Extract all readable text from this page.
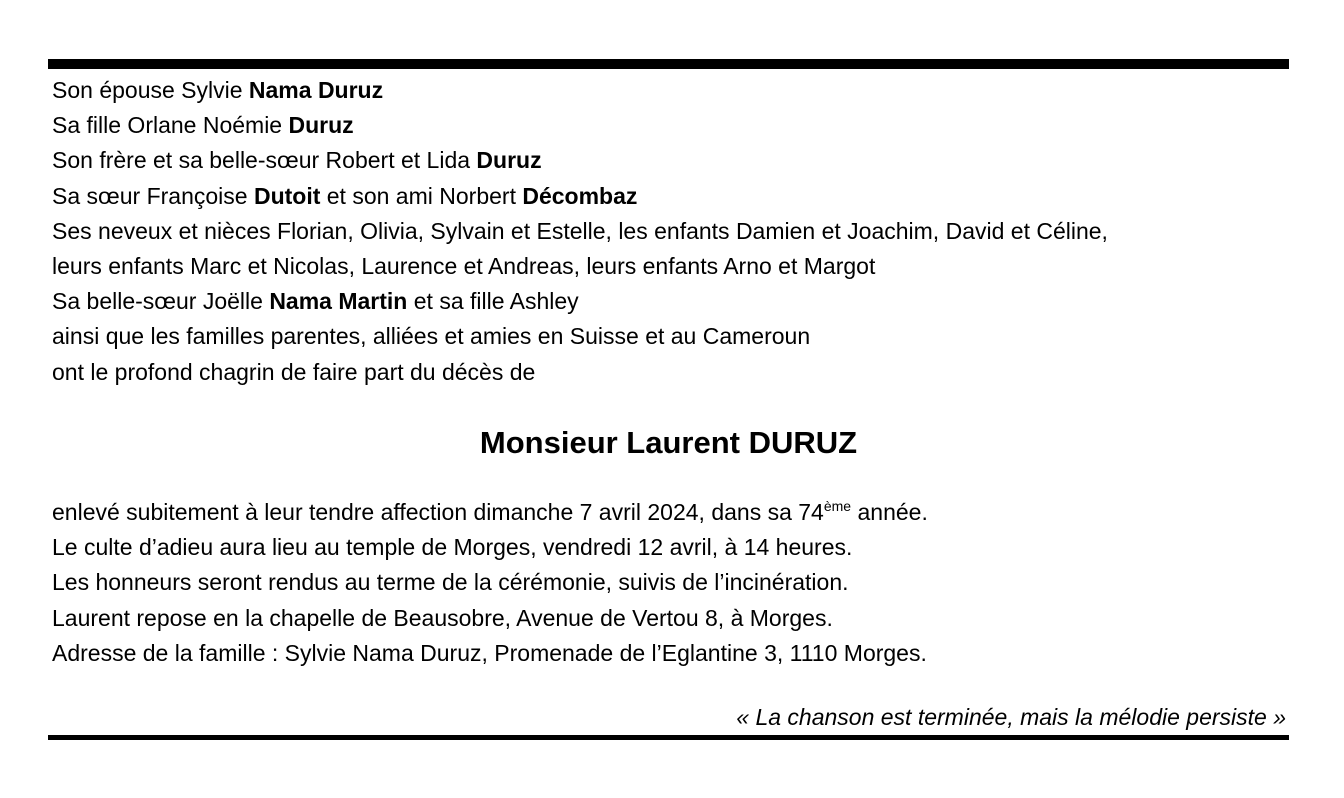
Son épouse Sylvie Nama Duruz
Sa fille Orlane Noémie Duruz
Son frère et sa belle-sœur Robert et Lida Duruz
Sa sœur Françoise Dutoit et son ami Norbert Décombaz
Ses neveux et nièces Florian, Olivia, Sylvain et Estelle, les enfants Damien et Joachim, David et Céline,
leurs enfants Marc et Nicolas, Laurence et Andreas, leurs enfants Arno et Margot
Sa belle-sœur Joëlle Nama Martin et sa fille Ashley
ainsi que les familles parentes, alliées et amies en Suisse et au Cameroun
ont le profond chagrin de faire part du décès de
Monsieur Laurent DURUZ
enlevé subitement à leur tendre affection dimanche 7 avril 2024, dans sa 74ème année.
Le culte d’adieu aura lieu au temple de Morges, vendredi 12 avril, à 14 heures.
Les honneurs seront rendus au terme de la cérémonie, suivis de l’incinération.
Laurent repose en la chapelle de Beausobre, Avenue de Vertou 8, à Morges.
Adresse de la famille : Sylvie Nama Duruz, Promenade de l’Eglantine 3, 1110 Morges.
« La chanson est terminée, mais la mélodie persiste »
